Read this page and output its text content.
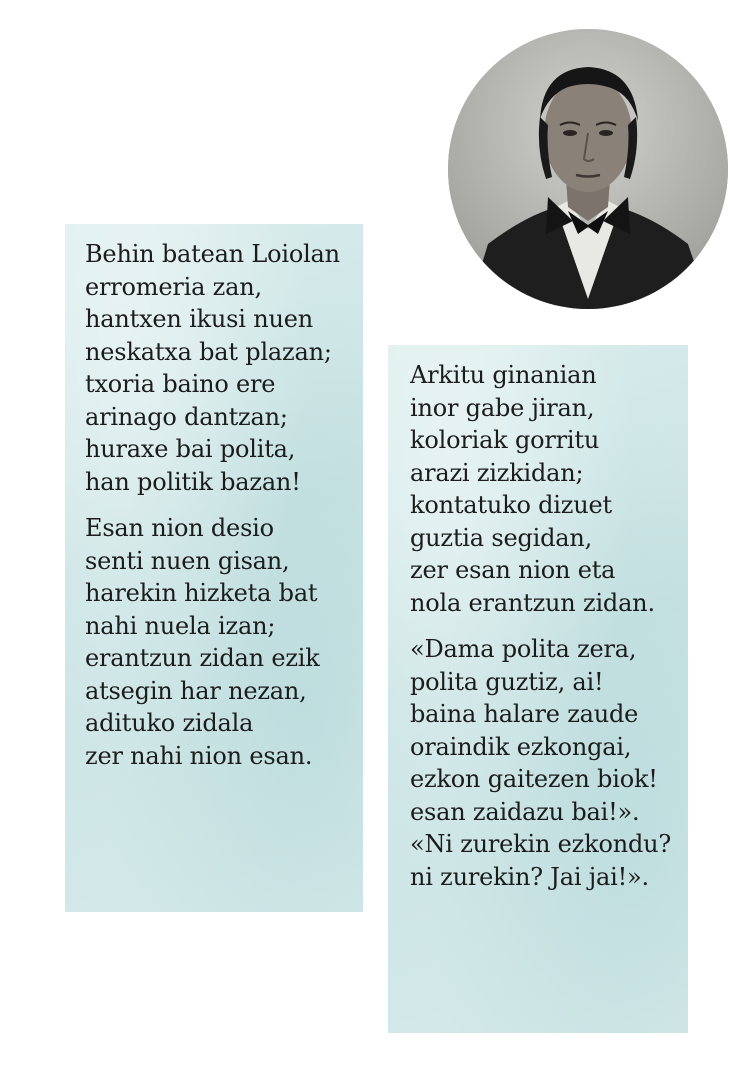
Behin batean Loiolan
erromeria zan,
hantxen ikusi nuen
neskatxa bat plazan;
txoria baino ere
arinago dantzan;
huraxe bai polita,
han politik bazan!
Esan nion desio
senti nuen gisan,
harekin hizketa bat
nahi nuela izan;
erantzun zidan ezik
atsegin har nezan,
adituko zidala
zer nahi nion esan.
Arkitu ginanian
inor gabe jiran,
koloriak gorritu
arazi zizkidan;
kontatuko dizuet
guztia segidan,
zer esan nion eta
nola erantzun zidan.
«Dama polita zera,
polita guztiz, ai!
baina halare zaude
oraindik ezkongai,
ezkon gaitezen biok!
esan zaidazu bai!».
«Ni zurekin ezkondu?
ni zurekin? Jai jai!».
